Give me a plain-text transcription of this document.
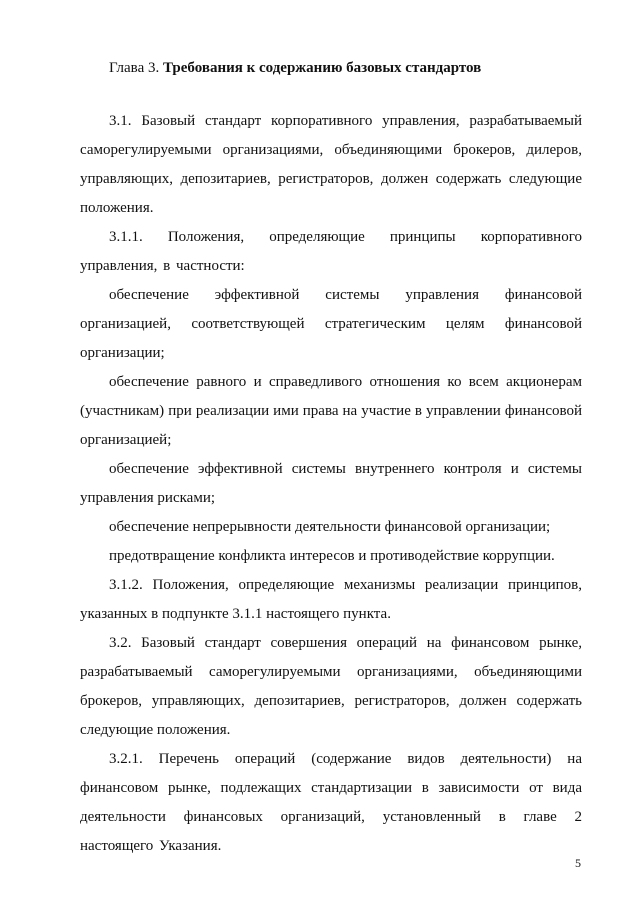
Глава 3. Требования к содержанию базовых стандартов

3.1. Базовый стандарт корпоративного управления, разрабатываемый саморегулируемыми организациями, объединяющими брокеров, дилеров, управляющих, депозитариев, регистраторов, должен содержать следующие положения.

3.1.1. Положения, определяющие принципы корпоративного управления, в частности:

обеспечение эффективной системы управления финансовой организацией, соответствующей стратегическим целям финансовой организации;

обеспечение равного и справедливого отношения ко всем акционерам (участникам) при реализации ими права на участие в управлении финансовой организацией;

обеспечение эффективной системы внутреннего контроля и системы управления рисками;

обеспечение непрерывности деятельности финансовой организации;

предотвращение конфликта интересов и противодействие коррупции.

3.1.2. Положения, определяющие механизмы реализации принципов, указанных в подпункте 3.1.1 настоящего пункта.

3.2. Базовый стандарт совершения операций на финансовом рынке, разрабатываемый саморегулируемыми организациями, объединяющими брокеров, управляющих, депозитариев, регистраторов, должен содержать следующие положения.

3.2.1. Перечень операций (содержание видов деятельности) на финансовом рынке, подлежащих стандартизации в зависимости от вида деятельности финансовых организаций, установленный в главе 2 настоящего Указания.

5
